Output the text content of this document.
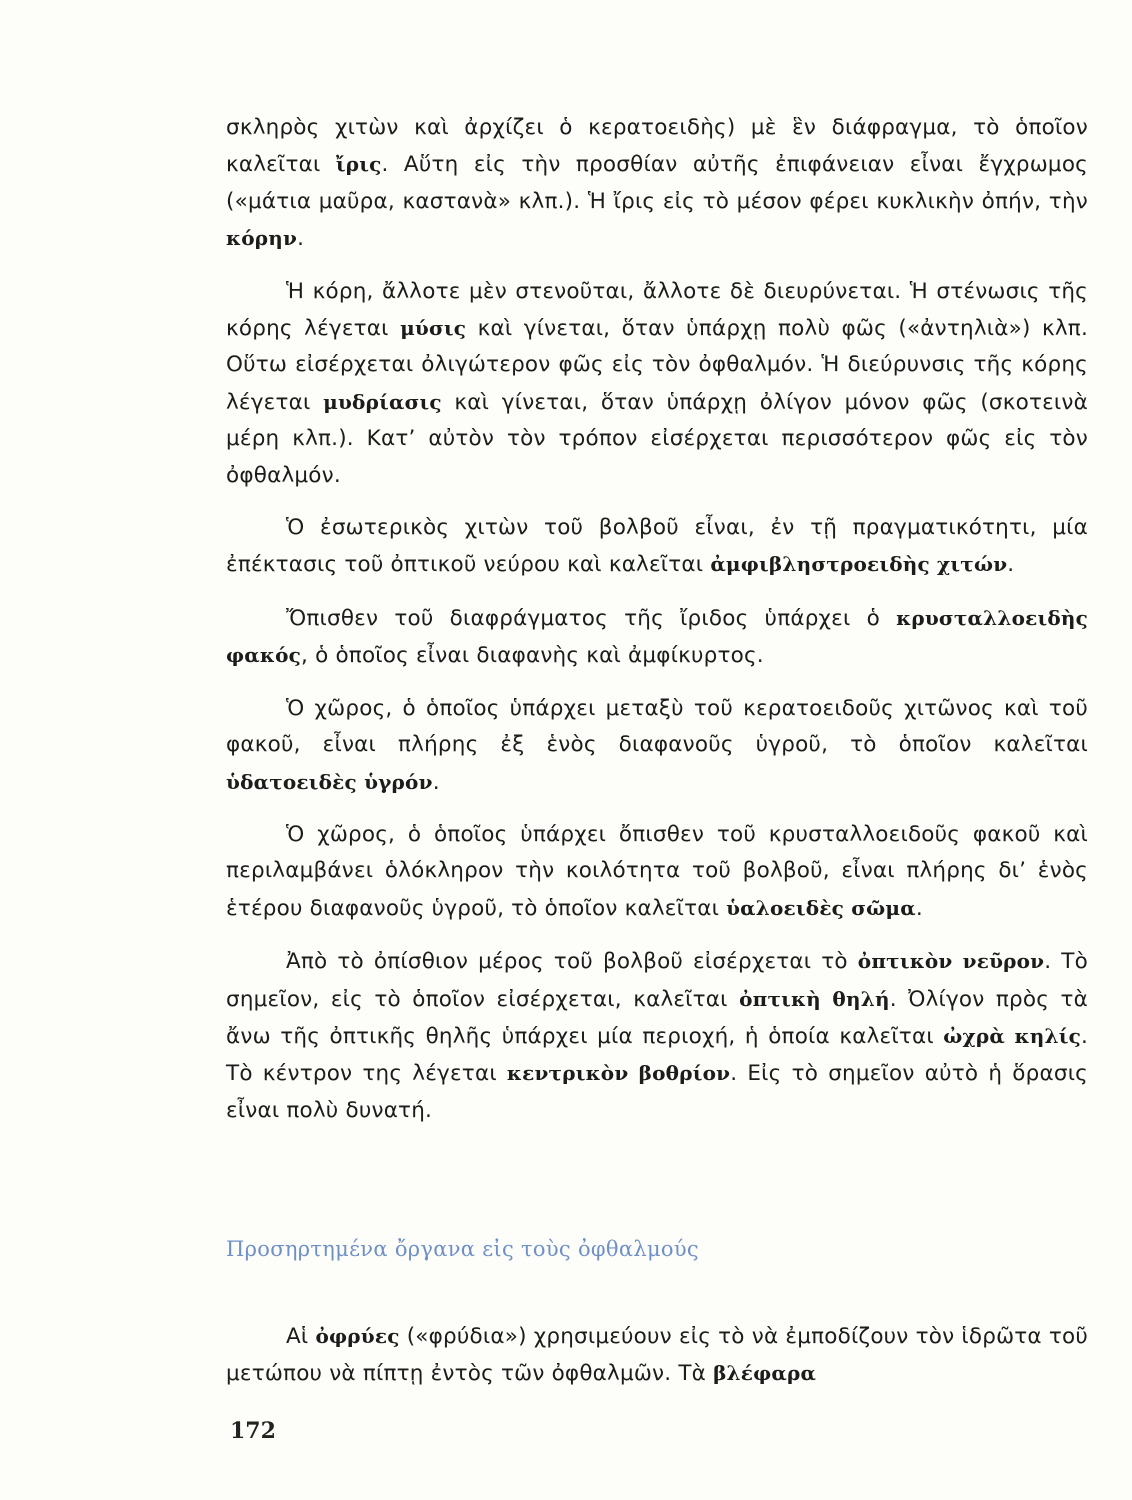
σκληρὸς χιτὼν καὶ ἀρχίζει ὁ κερατοειδὴς) μὲ ἓν διάφραγμα, τὸ ὁποῖον καλεῖται ἴρις. Αὕτη εἰς τὴν προσθίαν αὐτῆς ἐπιφάνειαν εἶναι ἔγχρωμος («μάτια μαῦρα, καστανὰ» κλπ.). Ἡ ἴρις εἰς τὸ μέσον φέρει κυκλικὴν ὀπήν, τὴν κόρην.

Ἡ κόρη, ἄλλοτε μὲν στενοῦται, ἄλλοτε δὲ διευρύνεται. Ἡ στένωσις τῆς κόρης λέγεται μύσις καὶ γίνεται, ὅταν ὑπάρχῃ πολὺ φῶς («ἀντηλιὰ») κλπ. Οὕτω εἰσέρχεται ὀλιγώτερον φῶς εἰς τὸν ὀφθαλμόν. Ἡ διεύρυνσις τῆς κόρης λέγεται μυδρίασις καὶ γίνεται, ὅταν ὑπάρχῃ ὀλίγον μόνον φῶς (σκοτεινὰ μέρη κλπ.). Κατ’ αὐτὸν τὸν τρόπον εἰσέρχεται περισσότερον φῶς εἰς τὸν ὀφθαλμόν.

Ὁ ἐσωτερικὸς χιτὼν τοῦ βολβοῦ εἶναι, ἐν τῇ πραγματικότητι, μία ἐπέκτασις τοῦ ὀπτικοῦ νεύρου καὶ καλεῖται ἀμφιβληστροειδὴς χιτών.

Ὄπισθεν τοῦ διαφράγματος τῆς ἴριδος ὑπάρχει ὁ κρυσταλλοειδὴς φακός, ὁ ὁποῖος εἶναι διαφανὴς καὶ ἀμφίκυρτος.

Ὁ χῶρος, ὁ ὁποῖος ὑπάρχει μεταξὺ τοῦ κερατοειδοῦς χιτῶνος καὶ τοῦ φακοῦ, εἶναι πλήρης ἐξ ἑνὸς διαφανοῦς ὑγροῦ, τὸ ὁποῖον καλεῖται ὑδατοειδὲς ὑγρόν.

Ὁ χῶρος, ὁ ὁποῖος ὑπάρχει ὄπισθεν τοῦ κρυσταλλοειδοῦς φακοῦ καὶ περιλαμβάνει ὁλόκληρον τὴν κοιλότητα τοῦ βολβοῦ, εἶναι πλήρης δι’ ἑνὸς ἑτέρου διαφανοῦς ὑγροῦ, τὸ ὁποῖον καλεῖται ὑαλοειδὲς σῶμα.

Ἀπὸ τὸ ὀπίσθιον μέρος τοῦ βολβοῦ εἰσέρχεται τὸ ὀπτικὸν νεῦρον. Τὸ σημεῖον, εἰς τὸ ὁποῖον εἰσέρχεται, καλεῖται ὀπτικὴ θηλή. Ὀλίγον πρὸς τὰ ἄνω τῆς ὀπτικῆς θηλῆς ὑπάρχει μία περιοχή, ἡ ὁποία καλεῖται ὠχρὰ κηλίς. Τὸ κέντρον της λέγεται κεντρικὸν βοθρίον. Εἰς τὸ σημεῖον αὐτὸ ἡ ὅρασις εἶναι πολὺ δυνατή.

Προσηρτημένα ὄργανα εἰς τοὺς ὀφθαλμούς

Αἱ ὀφρύες («φρύδια») χρησιμεύουν εἰς τὸ νὰ ἐμποδίζουν τὸν ἱδρῶτα τοῦ μετώπου νὰ πίπτῃ ἐντὸς τῶν ὀφθαλμῶν. Τὰ βλέφαρα

172
